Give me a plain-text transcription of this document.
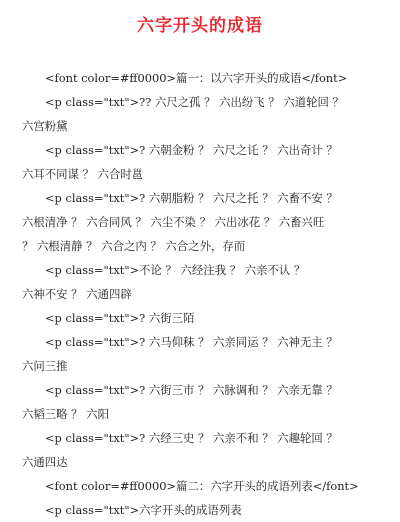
六字开头的成语
<font color=#ff0000>篇一：以六字开头的成语</font>
<p class="txt">?? 六尺之孤 ？ 六出纷飞 ？ 六道轮回 ？
六宫粉黛
<p class="txt">? 六朝金粉 ？ 六尺之讬 ？ 六出奇计 ？
六耳不同谋 ？ 六合时邕
<p class="txt">? 六朝脂粉 ？ 六尺之托 ？ 六畜不安 ？
六根清净 ？ 六合同风 ？ 六尘不染 ？ 六出冰花 ？ 六畜兴旺
？ 六根清静 ？ 六合之内 ？ 六合之外，存而
<p class="txt">不论 ？ 六经注我 ？ 六亲不认 ？
六神不安 ？ 六通四辟
<p class="txt">? 六街三陌
<p class="txt">? 六马仰秣 ？ 六亲同运 ？ 六神无主 ？
六问三推
<p class="txt">? 六街三市 ？ 六脉调和 ？ 六亲无靠 ？
六韬三略 ？ 六阳
<p class="txt">? 六经三史 ？ 六亲不和 ？ 六趣轮回 ？
六通四达
<font color=#ff0000>篇二：六字开头的成语列表</font>
<p class="txt">六字开头的成语列表
